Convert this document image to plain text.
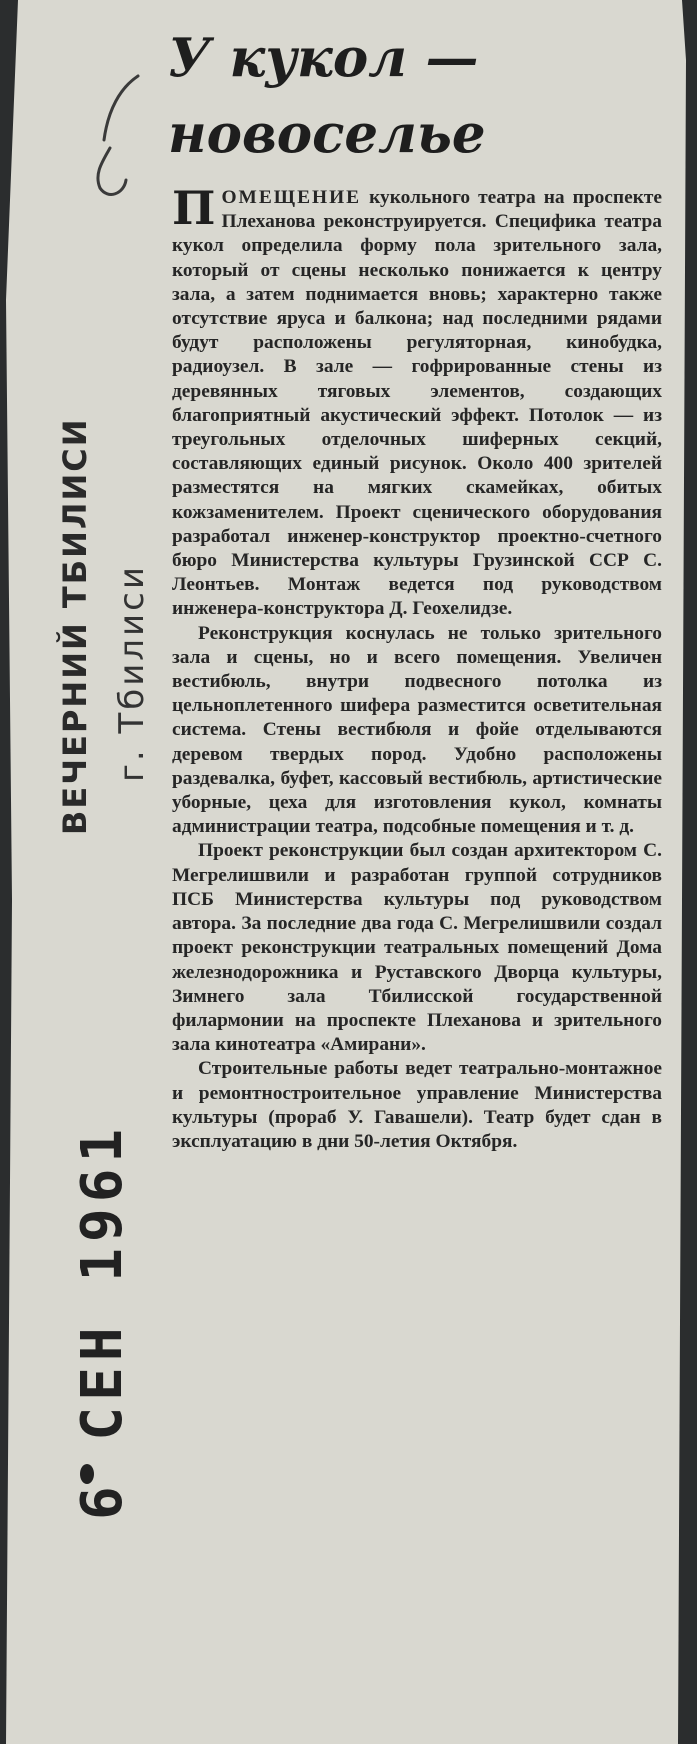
ВЕЧЕРНИЙ ТБИЛИСИ г. Тбилиси
6 СЕН 1961
У кукол —
новоселье

ПОМЕЩЕНИЕ кукольного театра на проспекте Плеханова реконструируется. Специфика театра кукол определила форму пола зрительного зала, который от сцены несколько понижается к центру зала, а затем поднимается вновь; характерно также отсутствие яруса и балкона; над последними рядами будут расположены регуляторная, кинобудка, радиоузел. В зале — гофрированные стены из деревянных тяговых элементов, создающих благоприятный акустический эффект. Потолок — из треугольных отделочных шиферных секций, составляющих единый рисунок. Около 400 зрителей разместятся на мягких скамейках, обитых кожзаменителем. Проект сценического оборудования разработал инженер-конструктор проектно-счетного бюро Министерства культуры Грузинской ССР С. Леонтьев. Монтаж ведется под руководством инженера-конструктора Д. Геохелидзе.

Реконструкция коснулась не только зрительного зала и сцены, но и всего помещения. Увеличен вестибюль, внутри подвесного потолка из цельноплетенного шифера разместится осветительная система. Стены вестибюля и фойе отделываются деревом твердых пород. Удобно расположены раздевалка, буфет, кассовый вестибюль, артистические уборные, цеха для изготовления кукол, комнаты администрации театра, подсобные помещения и т. д.

Проект реконструкции был создан архитектором С. Мегрелишвили и разработан группой сотрудников ПСБ Министерства культуры под руководством автора. За последние два года С. Мегрелишвили создал проект реконструкции театральных помещений Дома железнодорожника и Руставского Дворца культуры, Зимнего зала Тбилисской государственной филармонии на проспекте Плеханова и зрительного зала кинотеатра «Амирани».

Строительные работы ведет театрально-монтажное и ремонтностроительное управление Министерства культуры (прораб У. Гавашели). Театр будет сдан в эксплуатацию в дни 50-летия Октября.
